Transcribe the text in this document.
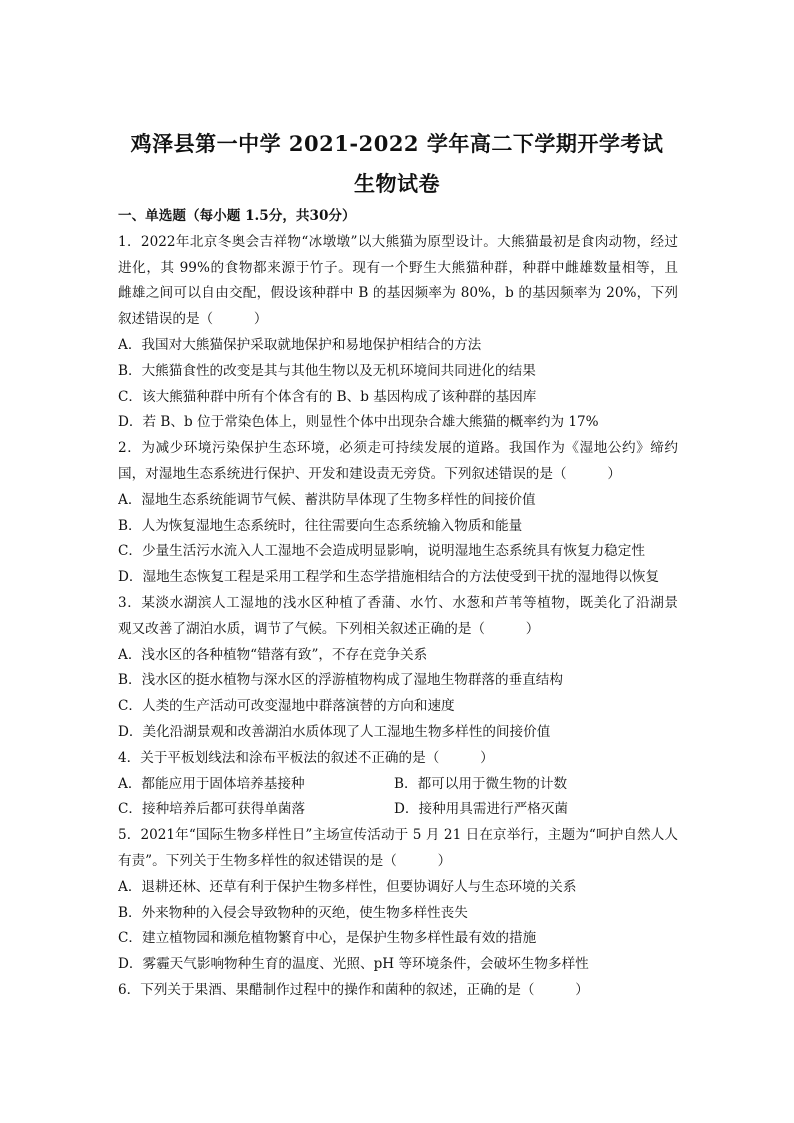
鸡泽县第一中学 2021-2022 学年高二下学期开学考试
生物试卷
一、单选题（每小题 1.5分，共30分）
1．2022年北京冬奥会吉祥物“冰墩墩”以大熊猫为原型设计。大熊猫最初是食肉动物，经过
进化，其 99%的食物都来源于竹子。现有一个野生大熊猫种群，种群中雌雄数量相等，且
雌雄之间可以自由交配，假设该种群中 B 的基因频率为 80%，b 的基因频率为 20%，下列
叙述错误的是（　　　）
A．我国对大熊猫保护采取就地保护和易地保护相结合的方法
B．大熊猫食性的改变是其与其他生物以及无机环境间共同进化的结果
C．该大熊猫种群中所有个体含有的 B、b 基因构成了该种群的基因库
D．若 B、b 位于常染色体上，则显性个体中出现杂合雄大熊猫的概率约为 17%
2．为减少环境污染保护生态环境，必须走可持续发展的道路。我国作为《湿地公约》缔约
国，对湿地生态系统进行保护、开发和建设责无旁贷。下列叙述错误的是（　　　）
A．湿地生态系统能调节气候、蓄洪防旱体现了生物多样性的间接价值
B．人为恢复湿地生态系统时，往往需要向生态系统输入物质和能量
C．少量生活污水流入人工湿地不会造成明显影响，说明湿地生态系统具有恢复力稳定性
D．湿地生态恢复工程是采用工程学和生态学措施相结合的方法使受到干扰的湿地得以恢复
3．某淡水湖滨人工湿地的浅水区种植了香蒲、水竹、水葱和芦苇等植物，既美化了沿湖景
观又改善了湖泊水质，调节了气候。下列相关叙述正确的是（　　　）
A．浅水区的各种植物“错落有致”，不存在竞争关系
B．浅水区的挺水植物与深水区的浮游植物构成了湿地生物群落的垂直结构
C．人类的生产活动可改变湿地中群落演替的方向和速度
D．美化沿湖景观和改善湖泊水质体现了人工湿地生物多样性的间接价值
4．关于平板划线法和涂布平板法的叙述不正确的是（　　　）
A．都能应用于固体培养基接种	B．都可以用于微生物的计数
C．接种培养后都可获得单菌落	D．接种用具需进行严格灭菌
5．2021年“国际生物多样性日”主场宣传活动于 5 月 21 日在京举行，主题为“呵护自然人人
有责”。下列关于生物多样性的叙述错误的是（　　　）
A．退耕还林、还草有利于保护生物多样性，但要协调好人与生态环境的关系
B．外来物种的入侵会导致物种的灭绝，使生物多样性丧失
C．建立植物园和濒危植物繁育中心，是保护生物多样性最有效的措施
D．雾霾天气影响物种生育的温度、光照、pH 等环境条件，会破坏生物多样性
6．下列关于果酒、果醋制作过程中的操作和菌种的叙述，正确的是（　　　）
